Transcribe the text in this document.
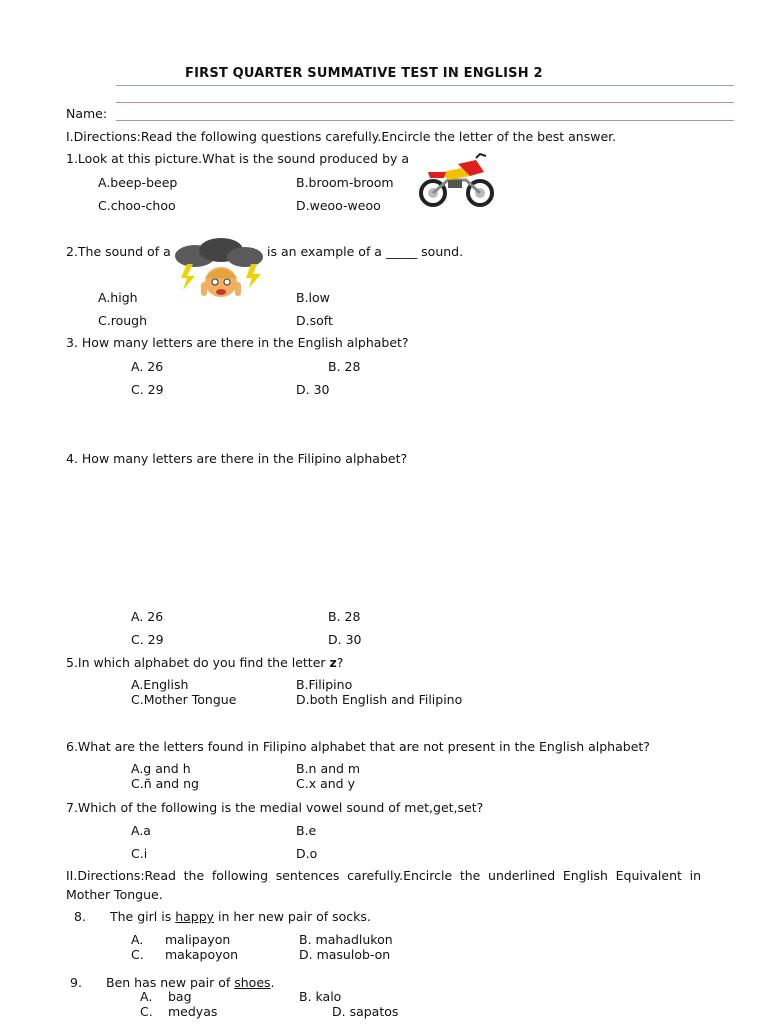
FIRST QUARTER SUMMATIVE TEST IN ENGLISH 2
Name:
I.Directions:Read the following questions carefully.Encircle the letter of the best answer.
1.Look at this picture.What is the sound produced by a
A.beep-beep	B.broom-broom
C.choo-choo	D.weoo-weoo
2.The sound of a	is an example of a _____ sound.
A.high	B.low
C.rough	D.soft
3. How many letters are there in the English alphabet?
A. 26	B. 28
C. 29	D. 30
4. How many letters are there in the Filipino alphabet?
A. 26	B. 28
C. 29	D. 30
5.In which alphabet do you find the letter z?
A.English	B.Filipino
C.Mother Tongue	D.both English and Filipino
6.What are the letters found in Filipino alphabet that are not present in the English alphabet?
A.g and h	B.n and m
C.ñ and ng	C.x and y
7.Which of the following is the medial vowel sound of met,get,set?
A.a	B.e
C.i	D.o
II.Directions:Read the following sentences carefully.Encircle the underlined English Equivalent in
Mother Tongue.
8. The girl is happy in her new pair of socks.
A. malipayon	B. mahadlukon
C. makapoyon	D. masulob-on
9. Ben has new pair of shoes.
A. bag	B. kalo
C. medyas	D. sapatos
